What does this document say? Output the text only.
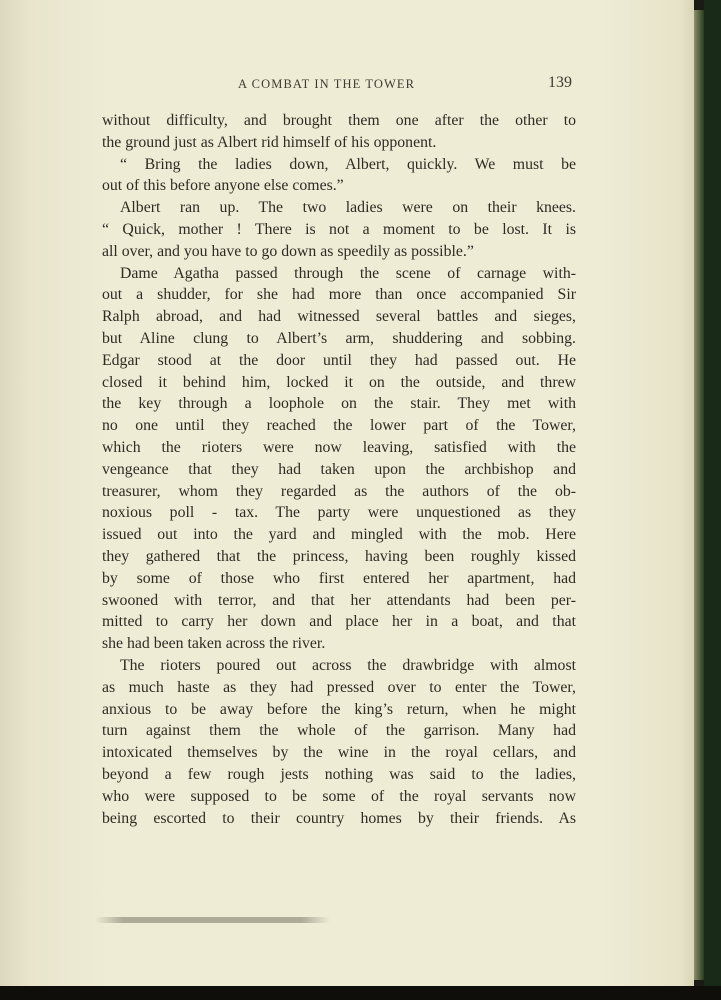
A COMBAT IN THE TOWER	139
without difficulty, and brought them one after the other to
the ground just as Albert rid himself of his opponent.
“ Bring the ladies down, Albert, quickly. We must be
out of this before anyone else comes.”
Albert ran up. The two ladies were on their knees.
“ Quick, mother ! There is not a moment to be lost. It is
all over, and you have to go down as speedily as possible.”
Dame Agatha passed through the scene of carnage with-
out a shudder, for she had more than once accompanied Sir
Ralph abroad, and had witnessed several battles and sieges,
but Aline clung to Albert’s arm, shuddering and sobbing.
Edgar stood at the door until they had passed out. He
closed it behind him, locked it on the outside, and threw
the key through a loophole on the stair. They met with
no one until they reached the lower part of the Tower,
which the rioters were now leaving, satisfied with the
vengeance that they had taken upon the archbishop and
treasurer, whom they regarded as the authors of the ob-
noxious poll - tax. The party were unquestioned as they
issued out into the yard and mingled with the mob. Here
they gathered that the princess, having been roughly kissed
by some of those who first entered her apartment, had
swooned with terror, and that her attendants had been per-
mitted to carry her down and place her in a boat, and that
she had been taken across the river.
The rioters poured out across the drawbridge with almost
as much haste as they had pressed over to enter the Tower,
anxious to be away before the king’s return, when he might
turn against them the whole of the garrison. Many had
intoxicated themselves by the wine in the royal cellars, and
beyond a few rough jests nothing was said to the ladies,
who were supposed to be some of the royal servants now
being escorted to their country homes by their friends. As
